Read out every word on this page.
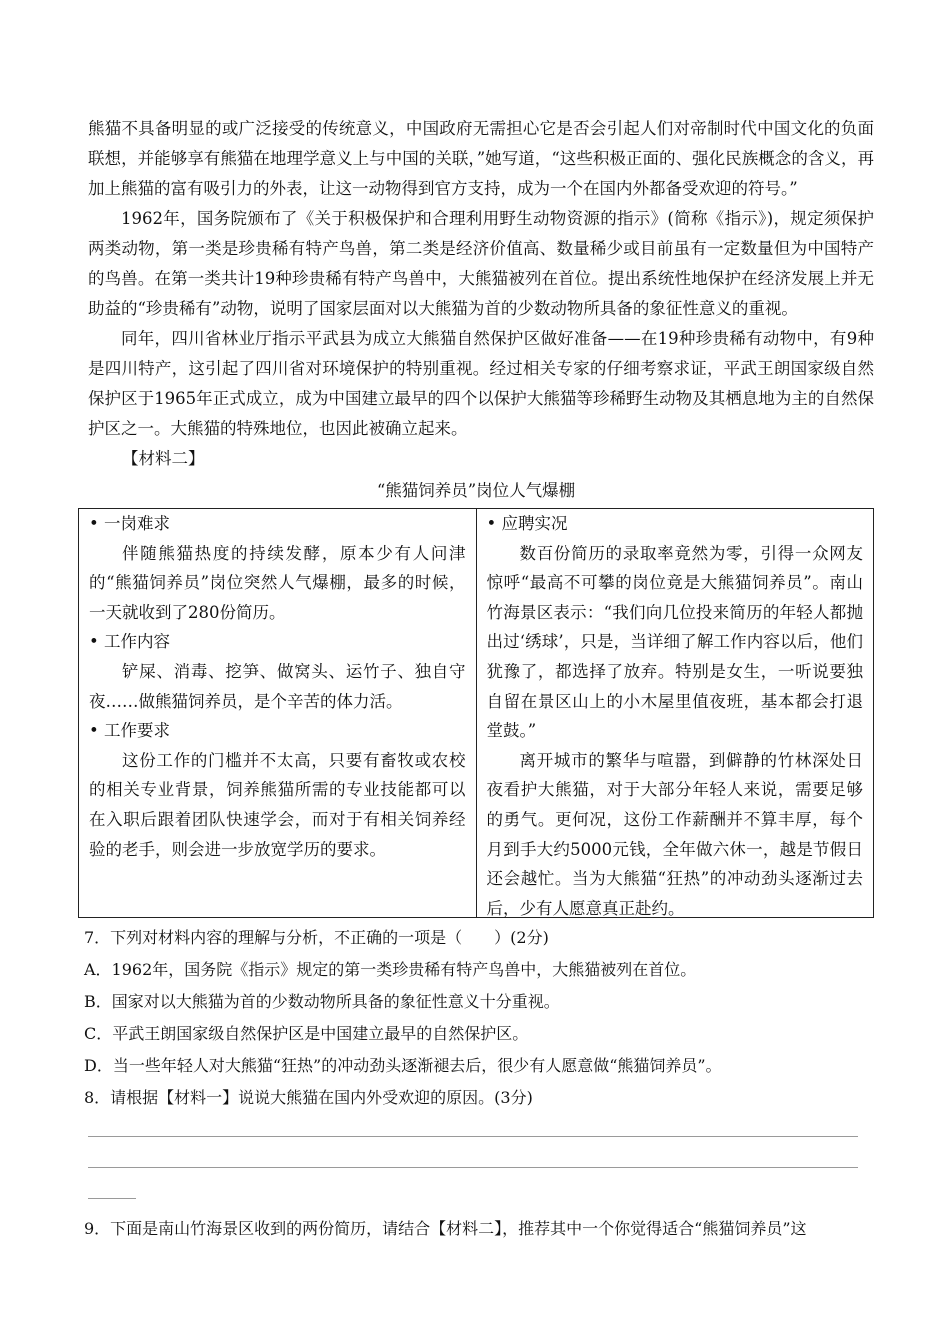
熊猫不具备明显的或广泛接受的传统意义，中国政府无需担心它是否会引起人们对帝制时代中国文化的负面联想，并能够享有熊猫在地理学意义上与中国的关联，”她写道，“这些积极正面的、强化民族概念的含义，再加上熊猫的富有吸引力的外表，让这一动物得到官方支持，成为一个在国内外都备受欢迎的符号。”

1962年，国务院颁布了《关于积极保护和合理利用野生动物资源的指示》(简称《指示》)，规定须保护两类动物，第一类是珍贵稀有特产鸟兽，第二类是经济价值高、数量稀少或目前虽有一定数量但为中国特产的鸟兽。在第一类共计19种珍贵稀有特产鸟兽中，大熊猫被列在首位。提出系统性地保护在经济发展上并无助益的“珍贵稀有”动物，说明了国家层面对以大熊猫为首的少数动物所具备的象征性意义的重视。

同年，四川省林业厅指示平武县为成立大熊猫自然保护区做好准备——在19种珍贵稀有动物中，有9种是四川特产，这引起了四川省对环境保护的特别重视。经过相关专家的仔细考察求证，平武王朗国家级自然保护区于1965年正式成立，成为中国建立最早的四个以保护大熊猫等珍稀野生动物及其栖息地为主的自然保护区之一。大熊猫的特殊地位，也因此被确立起来。

【材料二】
“熊猫饲养员”岗位人气爆棚

• 一岗难求

伴随熊猫热度的持续发酵，原本少有人问津的“熊猫饲养员”岗位突然人气爆棚，最多的时候，一天就收到了280份简历。

• 工作内容

铲屎、消毒、挖笋、做窝头、运竹子、独自守夜……做熊猫饲养员，是个辛苦的体力活。

• 工作要求

这份工作的门槛并不太高，只要有畜牧或农校的相关专业背景，饲养熊猫所需的专业技能都可以在入职后跟着团队快速学会，而对于有相关饲养经验的老手，则会进一步放宽学历的要求。

• 应聘实况

数百份简历的录取率竟然为零，引得一众网友惊呼“最高不可攀的岗位竟是大熊猫饲养员”。南山竹海景区表示：“我们向几位投来简历的年轻人都抛出过‘绣球’，只是，当详细了解工作内容以后，他们犹豫了，都选择了放弃。特别是女生，一听说要独自留在景区山上的小木屋里值夜班，基本都会打退堂鼓。”

离开城市的繁华与喧嚣，到僻静的竹林深处日夜看护大熊猫，对于大部分年轻人来说，需要足够的勇气。更何况，这份工作薪酬并不算丰厚，每个月到手大约5000元钱，全年做六休一，越是节假日还会越忙。当为大熊猫“狂热”的冲动劲头逐渐过去后，少有人愿意真正赴约。

7．下列对材料内容的理解与分析，不正确的一项是（　　）(2分)

A．1962年，国务院《指示》规定的第一类珍贵稀有特产鸟兽中，大熊猫被列在首位。

B．国家对以大熊猫为首的少数动物所具备的象征性意义十分重视。

C．平武王朗国家级自然保护区是中国建立最早的自然保护区。

D．当一些年轻人对大熊猫“狂热”的冲动劲头逐渐褪去后，很少有人愿意做“熊猫饲养员”。

8．请根据【材料一】说说大熊猫在国内外受欢迎的原因。(3分)

9．下面是南山竹海景区收到的两份简历，请结合【材料二】，推荐其中一个你觉得适合“熊猫饲养员”这
